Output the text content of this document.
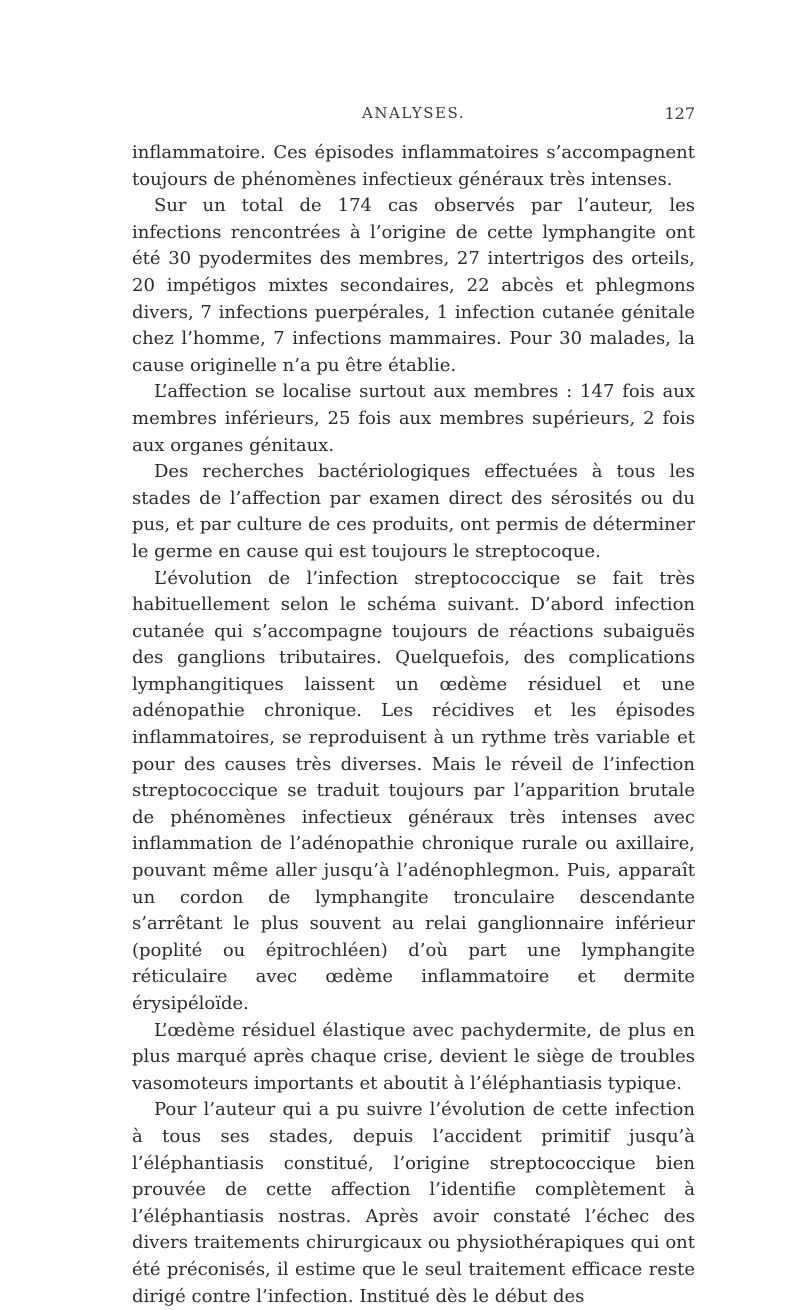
ANALYSES.	127

inflammatoire. Ces épisodes inflammatoires s’accompagnent toujours de phénomènes infectieux généraux très intenses.

Sur un total de 174 cas observés par l’auteur, les infections rencontrées à l’origine de cette lymphangite ont été 30 pyodermites des membres, 27 intertrigos des orteils, 20 impétigos mixtes secondaires, 22 abcès et phlegmons divers, 7 infections puerpérales, 1 infection cutanée génitale chez l’homme, 7 infections mammaires. Pour 30 malades, la cause originelle n’a pu être établie.

L’affection se localise surtout aux membres : 147 fois aux membres inférieurs, 25 fois aux membres supérieurs, 2 fois aux organes génitaux.

Des recherches bactériologiques effectuées à tous les stades de l’affection par examen direct des sérosités ou du pus, et par culture de ces produits, ont permis de déterminer le germe en cause qui est toujours le streptocoque.

L’évolution de l’infection streptococcique se fait très habituellement selon le schéma suivant. D’abord infection cutanée qui s’accompagne toujours de réactions subaiguës des ganglions tributaires. Quelquefois, des complications lymphangitiques laissent un œdème résiduel et une adénopathie chronique. Les récidives et les épisodes inflammatoires, se reproduisent à un rythme très variable et pour des causes très diverses. Mais le réveil de l’infection streptococcique se traduit toujours par l’apparition brutale de phénomènes infectieux généraux très intenses avec inflammation de l’adénopathie chronique rurale ou axillaire, pouvant même aller jusqu’à l’adénophlegmon. Puis, apparaît un cordon de lymphangite tronculaire descendante s’arrêtant le plus souvent au relai ganglionnaire inférieur (poplité ou épitrochléen) d’où part une lymphangite réticulaire avec œdème inflammatoire et dermite érysipéloïde.

L’œdème résiduel élastique avec pachydermite, de plus en plus marqué après chaque crise, devient le siège de troubles vasomoteurs importants et aboutit à l’éléphantiasis typique.

Pour l’auteur qui a pu suivre l’évolution de cette infection à tous ses stades, depuis l’accident primitif jusqu’à l’éléphantiasis constitué, l’origine streptococcique bien prouvée de cette affection l’identifie complètement à l’éléphantiasis nostras. Après avoir constaté l’échec des divers traitements chirurgicaux ou physiothérapiques qui ont été préconisés, il estime que le seul traitement efficace reste dirigé contre l’infection. Institué dès le début des
